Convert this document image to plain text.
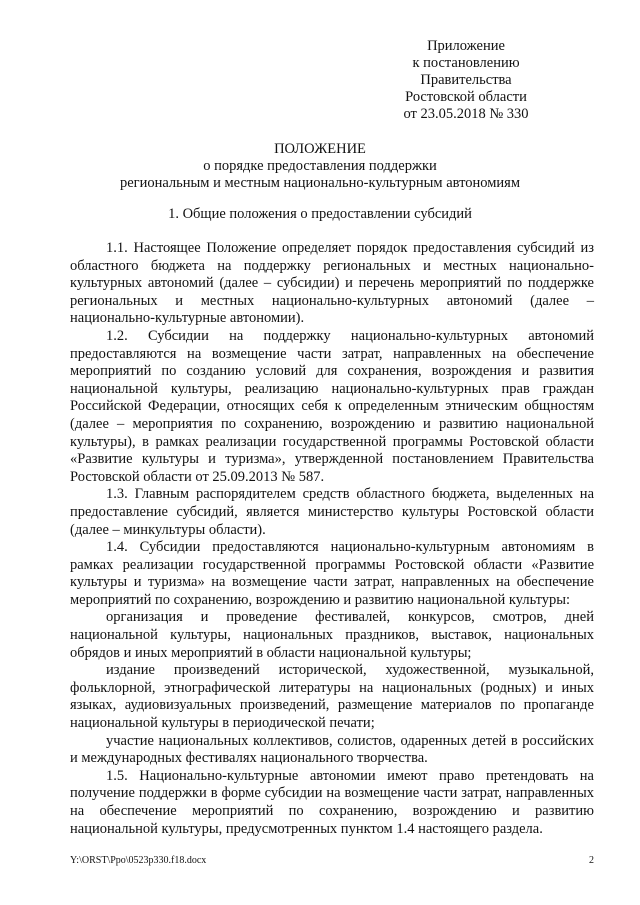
Приложение
к постановлению
Правительства
Ростовской области
от 23.05.2018 № 330
ПОЛОЖЕНИЕ
о порядке предоставления поддержки
региональным и местным национально-культурным автономиям
1. Общие положения о предоставлении субсидий

1.1. Настоящее Положение определяет порядок предоставления субсидий из областного бюджета на поддержку региональных и местных национально-культурных автономий (далее – субсидии) и перечень мероприятий по поддержке региональных и местных национально-культурных автономий (далее – национально-культурные автономии).

1.2. Субсидии на поддержку национально-культурных автономий предоставляются на возмещение части затрат, направленных на обеспечение мероприятий по созданию условий для сохранения, возрождения и развития национальной культуры, реализацию национально-культурных прав граждан Российской Федерации, относящих себя к определенным этническим общностям (далее – мероприятия по сохранению, возрождению и развитию национальной культуры), в рамках реализации государственной программы Ростовской области «Развитие культуры и туризма», утвержденной постановлением Правительства Ростовской области от 25.09.2013 № 587.

1.3. Главным распорядителем средств областного бюджета, выделенных на предоставление субсидий, является министерство культуры Ростовской области (далее – минкультуры области).

1.4. Субсидии предоставляются национально-культурным автономиям в рамках реализации государственной программы Ростовской области «Развитие культуры и туризма» на возмещение части затрат, направленных на обеспечение мероприятий по сохранению, возрождению и развитию национальной культуры:

организация и проведение фестивалей, конкурсов, смотров, дней национальной культуры, национальных праздников, выставок, национальных обрядов и иных мероприятий в области национальной культуры;

издание произведений исторической, художественной, музыкальной, фольклорной, этнографической литературы на национальных (родных) и иных языках, аудиовизуальных произведений, размещение материалов по пропаганде национальной культуры в периодической печати;

участие национальных коллективов, солистов, одаренных детей в российских и международных фестивалях национального творчества.

1.5. Национально-культурные автономии имеют право претендовать на получение поддержки в форме субсидии на возмещение части затрат, направленных на обеспечение мероприятий по сохранению, возрождению и развитию национальной культуры, предусмотренных пунктом 1.4 настоящего раздела.

Y:\ORST\Ppo\0523p330.f18.docx	2
